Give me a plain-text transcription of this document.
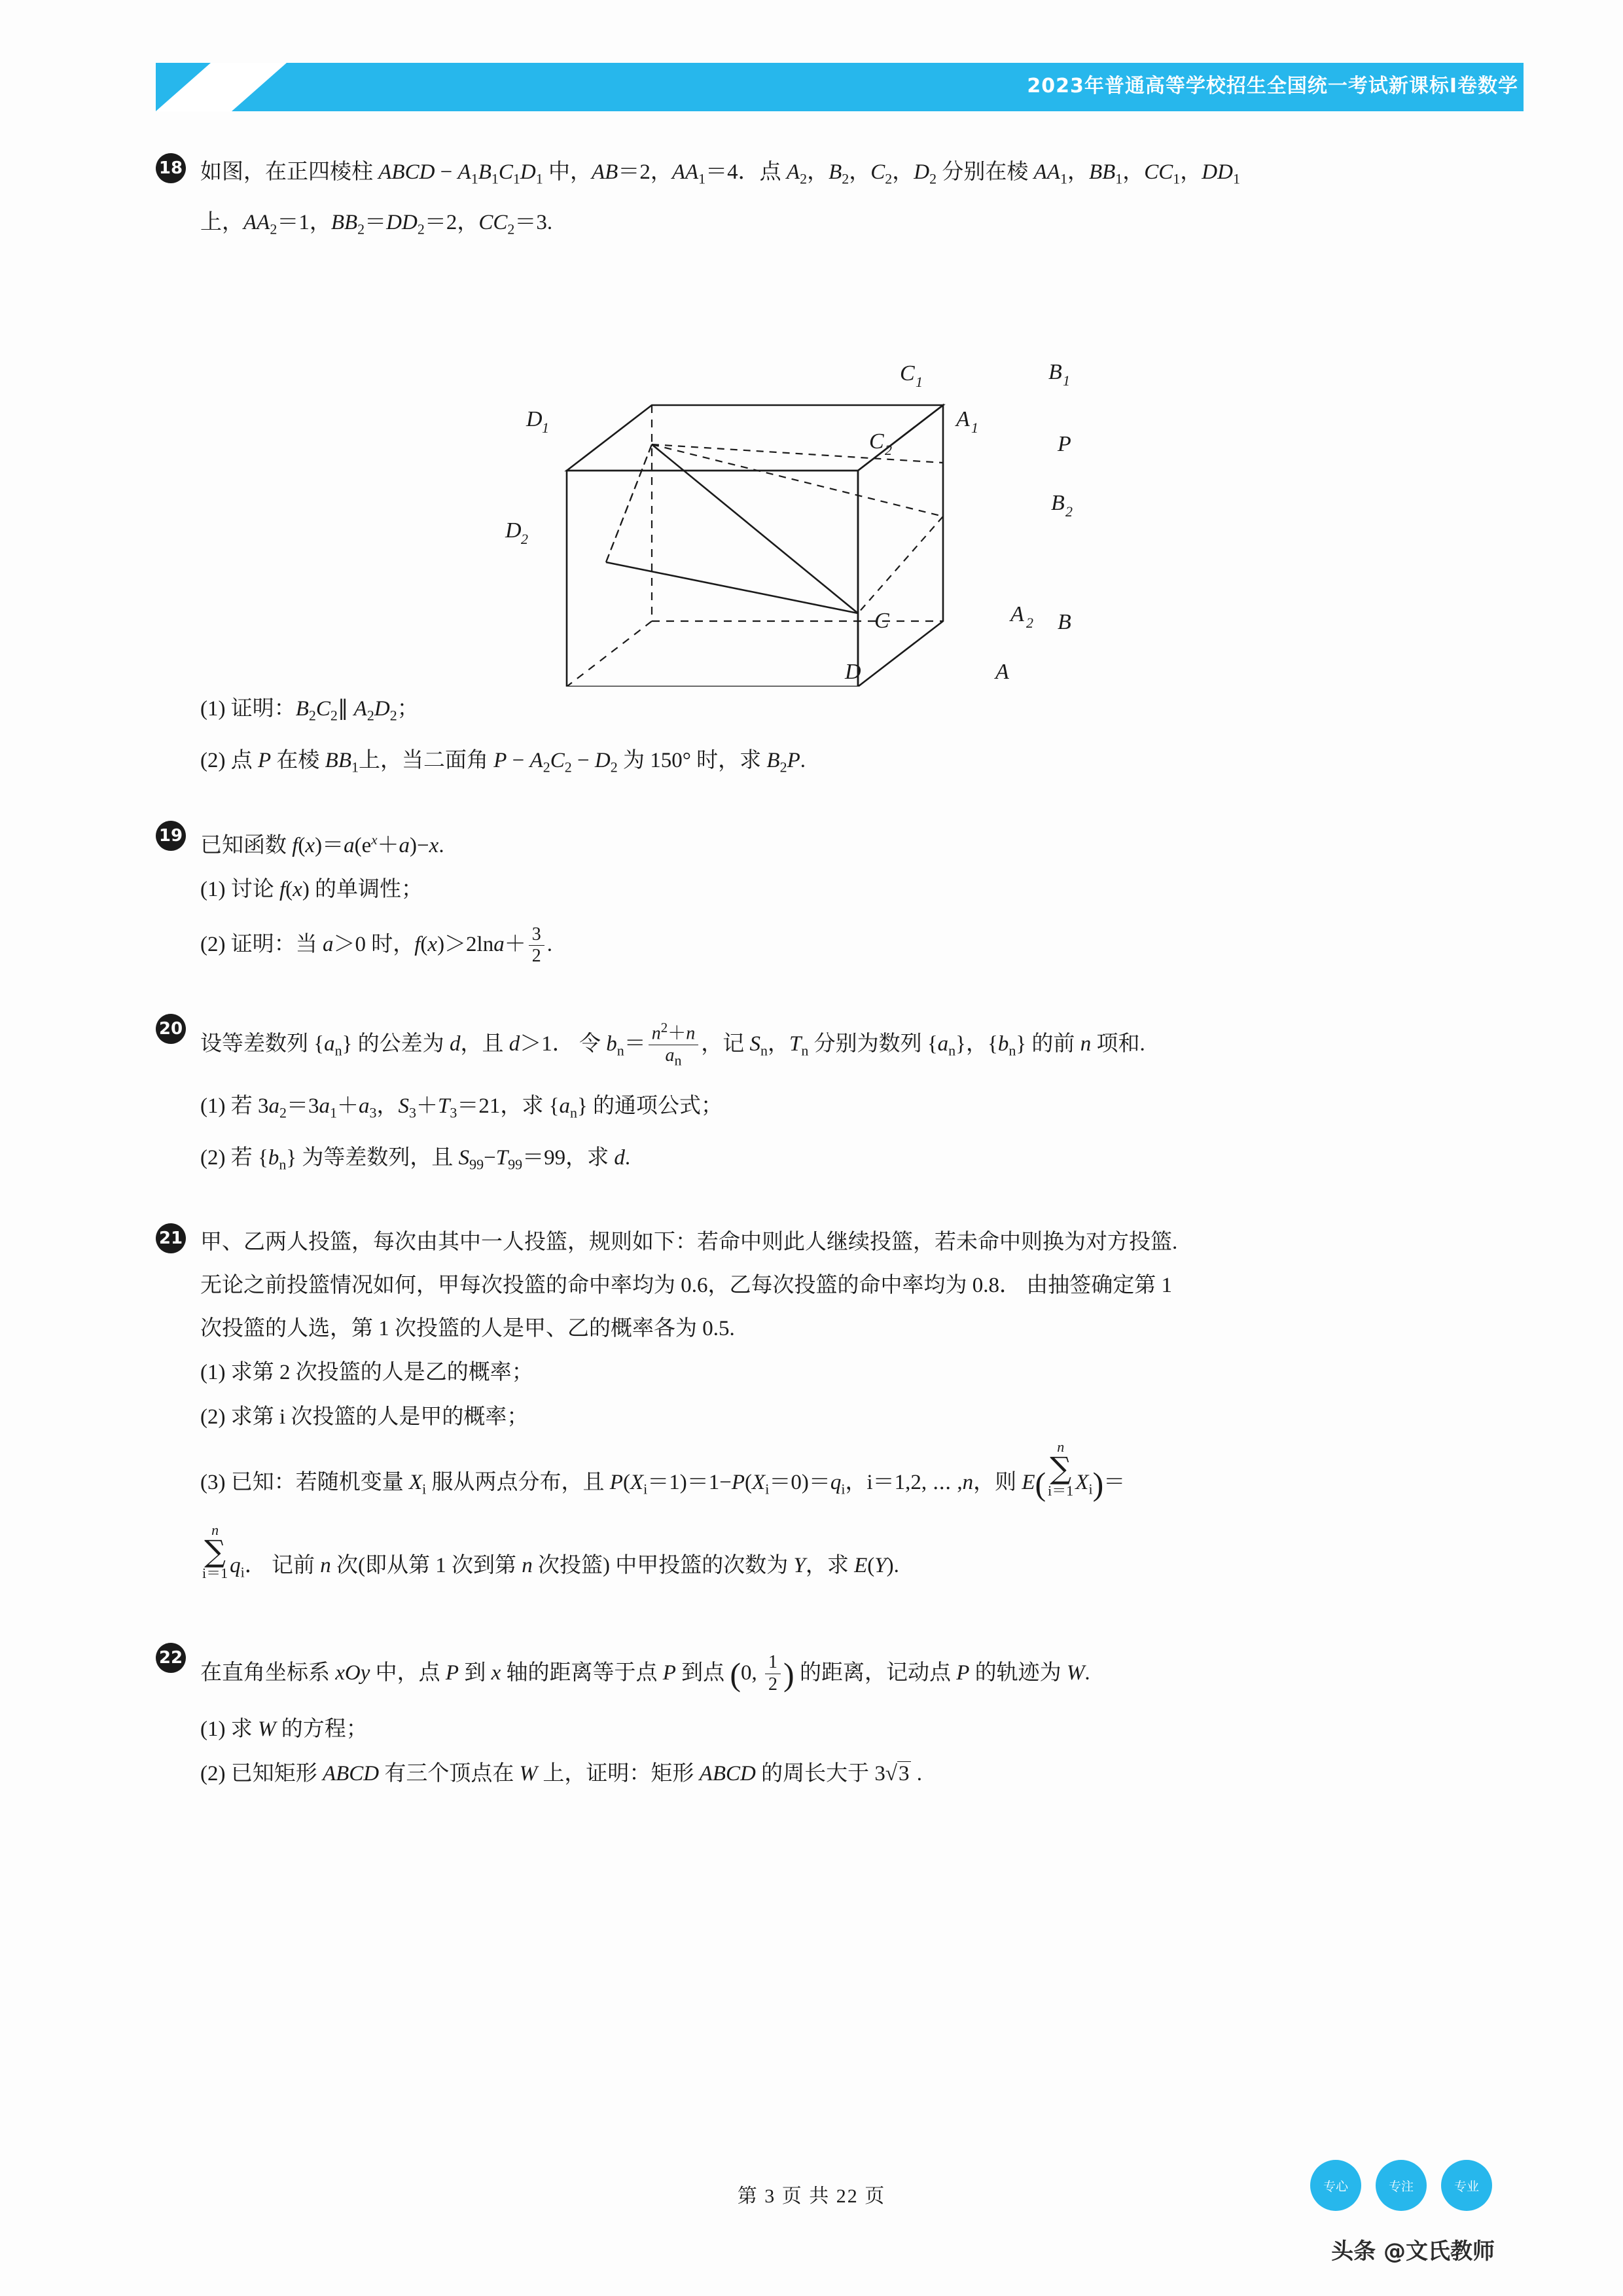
2023年普通高等学校招生全国统一考试新课标Ⅰ卷数学
18 如图，在正四棱柱 ABCD − $A_1B_1C_1D_1$ 中，AB＝2，$AA_1=4$．点 $A_2$，$B_2$，$C_2$，$D_2$ 分别在棱 $AA_1$，$BB_1$，$CC_1$，$DD_1$
上，$AA_2=1$，$BB_2=DD_2=2$，$CC_2=3$.
C 1	B 1
A 1
D 1
C 2	P
B 2
D 2
C	A 2 B
D	A
(1) 证明：$B_2C_2\parallel$ $A_2D_2$；
(2) 点 P 在棱 $BB_1$上，当二面角 $P - A_2C_2 - D_2$ 为 150° 时，求 $B_2P$.
19 已知函数 $f(x)=a(e^x+a)-x$.
(1) 讨论 f(x) 的单调性；
(2) 证明：当 a＞0 时，$f(x)>2\ln a+ \frac{3}{2}$ .
20
设等差数列 $\{a_n\}$ 的公差为 d，且 d＞1． 令 $b_n= \frac{n^2+n}{a_n}$ ，记 $S_n$，$T_n$ 分别为数列 $\{a_n\}$，$\{b_n\}$ 的前 n 项和.
(1) 若 $3a_2=3a_1+a_3$，$S_3+T_3=21$，求 $\{a_n\}$ 的通项公式；
(2) 若 $\{b_n\}$ 为等差数列，且 $S_{99}-T_{99}=99$，求 d.
21 甲、乙两人投篮，每次由其中一人投篮，规则如下：若命中则此人继续投篮，若未命中则换为对方投篮.
无论之前投篮情况如何，甲每次投篮的命中率均为 0.6，乙每次投篮的命中率均为 0.8． 由抽签确定第 1
次投篮的人选，第 1 次投篮的人是甲、乙的概率各为 0.5.
(1) 求第 2 次投篮的人是乙的概率；
(2) 求第 i 次投篮的人是甲的概率；
(3) 已知：若随机变量 $X_i$ 服从两点分布，且 $P(X_i=1)=1-P(X_i=0)=q_i$，i＝1,2, ⋯ ,n，则 E(
n
∑
i＝1 $X_i)=$
n
∑
i＝1 $q_i$． 记前 n 次(即从第 1 次到第 n 次投篮) 中甲投篮的次数为 Y，求 E(Y).
22
在直角坐标系 xOy 中，点 P 到 x 轴的距离等于点 P 到点 (0, $\frac{1}{2}$ ) 的距离，记动点 P 的轨迹为 W.
(1) 求 W 的方程；
(2) 已知矩形 ABCD 有三个顶点在 W 上，证明：矩形 ABCD 的周长大于 3√3 .
第 3 页 共 22 页	专心	专注	专业
头条 @文氏教师
